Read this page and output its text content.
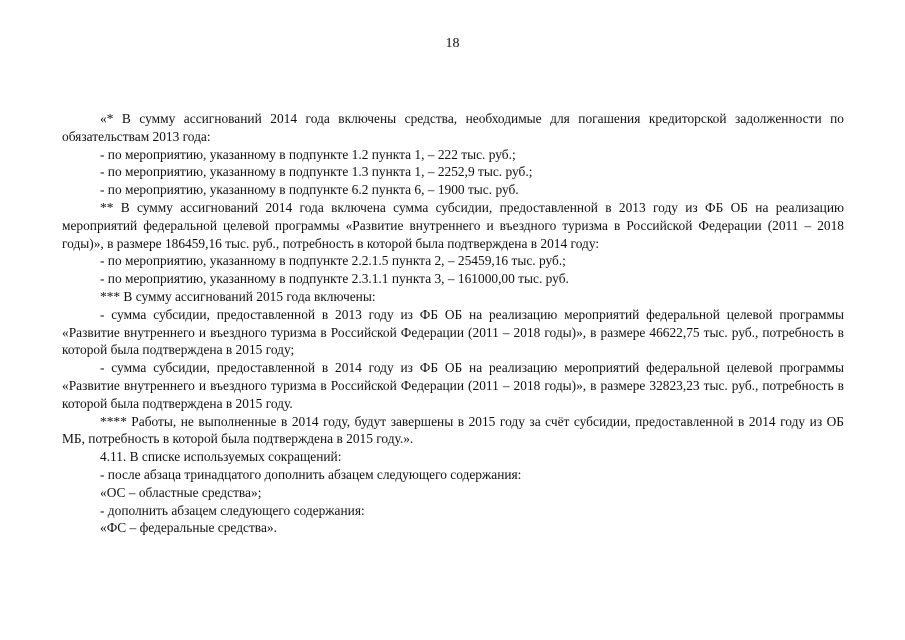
18

«* В сумму ассигнований 2014 года включены средства, необходимые для погашения кредиторской задолженности по обязательствам 2013 года:

- по мероприятию, указанному в подпункте 1.2 пункта 1, – 222 тыс. руб.;

- по мероприятию, указанному в подпункте 1.3 пункта 1, – 2252,9 тыс. руб.;

- по мероприятию, указанному в подпункте 6.2 пункта 6, – 1900 тыс. руб.

** В сумму ассигнований 2014 года включена сумма субсидии, предоставленной в 2013 году из ФБ ОБ на реализацию мероприятий федеральной целевой программы «Развитие внутреннего и въездного туризма в Российской Федерации (2011 – 2018 годы)», в размере 186459,16 тыс. руб., потребность в которой была подтверждена в 2014 году:

- по мероприятию, указанному в подпункте 2.2.1.5 пункта 2, – 25459,16 тыс. руб.;

- по мероприятию, указанному в подпункте 2.3.1.1 пункта 3, – 161000,00 тыс. руб.

*** В сумму ассигнований 2015 года включены:

- сумма субсидии, предоставленной в 2013 году из ФБ ОБ на реализацию мероприятий федеральной целевой программы «Развитие внутреннего и въездного туризма в Российской Федерации (2011 – 2018 годы)», в размере 46622,75 тыс. руб., потребность в которой была подтверждена в 2015 году;

- сумма субсидии, предоставленной в 2014 году из ФБ ОБ на реализацию мероприятий федеральной целевой программы «Развитие внутреннего и въездного туризма в Российской Федерации (2011 – 2018 годы)», в размере 32823,23 тыс. руб., потребность в которой была подтверждена в 2015 году.

**** Работы, не выполненные в 2014 году, будут завершены в 2015 году за счёт субсидии, предоставленной в 2014 году из ОБ МБ, потребность в которой была подтверждена в 2015 году.».

4.11. В списке используемых сокращений:

- после абзаца тринадцатого дополнить абзацем следующего содержания:

«ОС – областные средства»;

- дополнить абзацем следующего содержания:

«ФС – федеральные средства».
